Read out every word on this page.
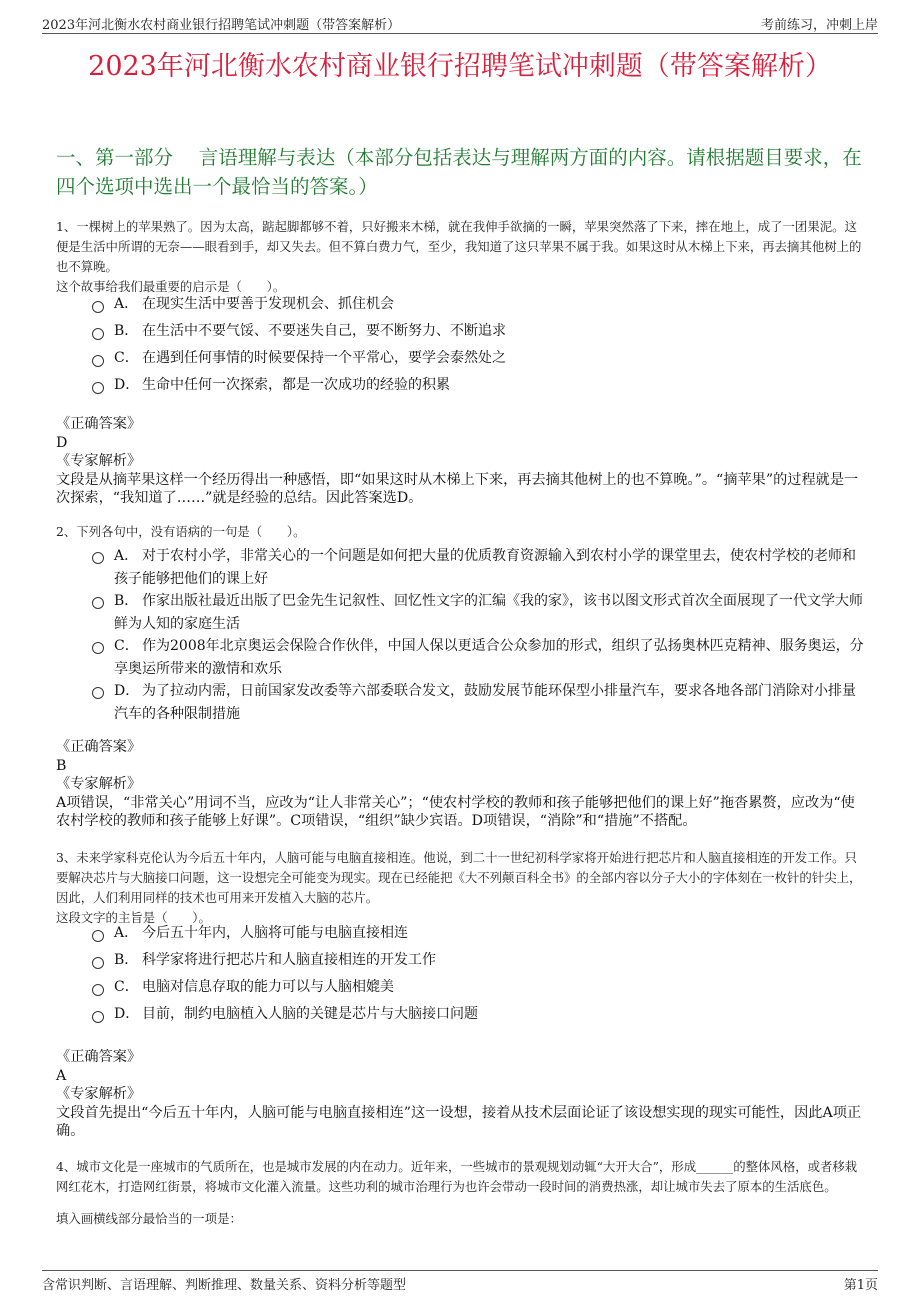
2023年河北衡水农村商业银行招聘笔试冲刺题（带答案解析）	考前练习，冲刺上岸
2023年河北衡水农村商业银行招聘笔试冲刺题（带答案解析）
一、第一部分　 言语理解与表达（本部分包括表达与理解两方面的内容。请根据题目要求，在四个选项中选出一个最恰当的答案。）

1、一棵树上的苹果熟了。因为太高，踮起脚都够不着，只好搬来木梯，就在我伸手欲摘的一瞬，苹果突然落了下来，摔在地上，成了一团果泥。这便是生活中所谓的无奈——眼看到手，却又失去。但不算白费力气，至少，我知道了这只苹果不属于我。如果这时从木梯上下来，再去摘其他树上的也不算晚。

这个故事给我们最重要的启示是（　　）。

A． 在现实生活中要善于发现机会、抓住机会
B． 在生活中不要气馁、不要迷失自己，要不断努力、不断追求
C． 在遇到任何事情的时候要保持一个平常心，要学会泰然处之
D． 生命中任何一次探索，都是一次成功的经验的积累

《正确答案》

D

《专家解析》

文段是从摘苹果这样一个经历得出一种感悟，即“如果这时从木梯上下来，再去摘其他树上的也不算晚。”。“摘苹果”的过程就是一次探索，“我知道了……”就是经验的总结。因此答案选D。

2、下列各句中，没有语病的一句是（　　）。

A． 对于农村小学，非常关心的一个问题是如何把大量的优质教育资源输入到农村小学的课堂里去，使农村学校的老师和孩子能够把他们的课上好
B． 作家出版社最近出版了巴金先生记叙性、回忆性文字的汇编《我的家》，该书以图文形式首次全面展现了一代文学大师鲜为人知的家庭生活
C． 作为2008年北京奥运会保险合作伙伴，中国人保以更适合公众参加的形式，组织了弘扬奥林匹克精神、服务奥运，分享奥运所带来的激情和欢乐
D． 为了拉动内需，日前国家发改委等六部委联合发文，鼓励发展节能环保型小排量汽车，要求各地各部门消除对小排量汽车的各种限制措施

《正确答案》

B

《专家解析》

A项错误，“非常关心”用词不当，应改为“让人非常关心”；“使农村学校的教师和孩子能够把他们的课上好”拖沓累赘，应改为“使农村学校的教师和孩子能够上好课”。C项错误，“组织”缺少宾语。D项错误，“消除”和“措施”不搭配。

3、未来学家科克伦认为今后五十年内，人脑可能与电脑直接相连。他说，到二十一世纪初科学家将开始进行把芯片和人脑直接相连的开发工作。只要解决芯片与大脑接口问题，这一设想完全可能变为现实。现在已经能把《大不列颠百科全书》的全部内容以分子大小的字体刻在一枚针的针尖上，因此，人们利用同样的技术也可用来开发植入大脑的芯片。

这段文字的主旨是（　　）。

A． 今后五十年内，人脑将可能与电脑直接相连
B． 科学家将进行把芯片和人脑直接相连的开发工作
C． 电脑对信息存取的能力可以与人脑相媲美
D． 目前，制约电脑植入人脑的关键是芯片与大脑接口问题

《正确答案》

A

《专家解析》

文段首先提出“今后五十年内，人脑可能与电脑直接相连”这一设想，接着从技术层面论证了该设想实现的现实可能性，因此A项正确。

4、城市文化是一座城市的气质所在，也是城市发展的内在动力。近年来，一些城市的景观规划动辄“大开大合”，形成______的整体风格，或者移栽网红花木，打造网红街景，将城市文化灌入流量。这些功利的城市治理行为也许会带动一段时间的消费热涨，却让城市失去了原本的生活底色。

填入画横线部分最恰当的一项是：

含常识判断、言语理解、判断推理、数量关系、资料分析等题型	第1页
